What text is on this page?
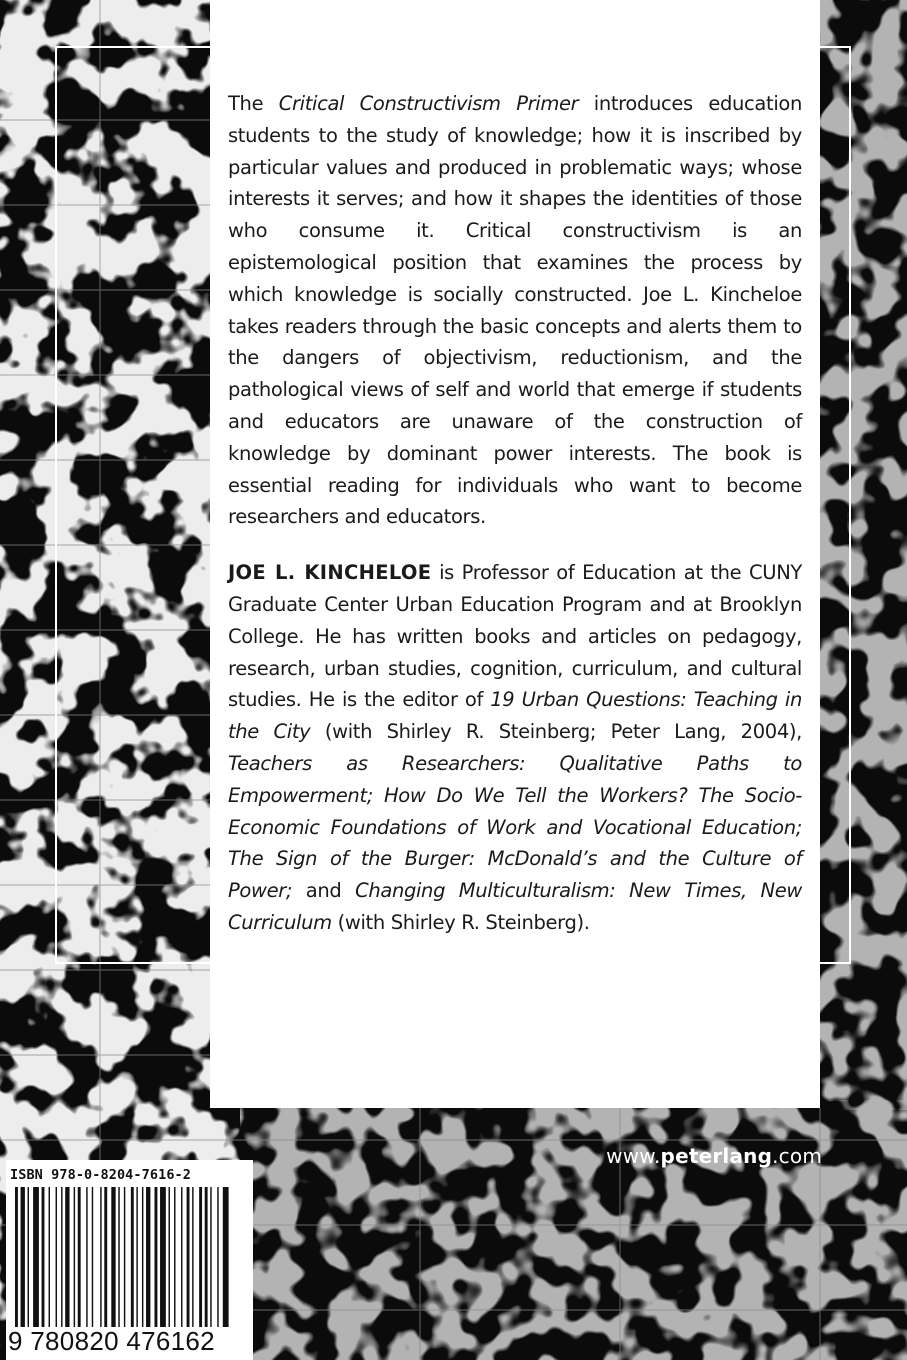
The Critical Constructivism Primer introduces education students to the study of knowledge; how it is inscribed by particular values and produced in problematic ways; whose interests it serves; and how it shapes the identities of those who consume it. Critical constructivism is an epistemological position that examines the process by which knowledge is socially constructed. Joe L. Kincheloe takes readers through the basic concepts and alerts them to the dangers of objectivism, reductionism, and the pathological views of self and world that emerge if students and educators are unaware of the construction of knowledge by dominant power interests. The book is essential reading for individuals who want to become researchers and educators.

JOE L. KINCHELOE is Professor of Education at the CUNY Graduate Center Urban Education Program and at Brooklyn College. He has written books and articles on pedagogy, research, urban studies, cognition, curriculum, and cultural studies. He is the editor of 19 Urban Questions: Teaching in the City (with Shirley R. Steinberg; Peter Lang, 2004), Teachers as Researchers: Qualitative Paths to Empowerment; How Do We Tell the Workers? The Socio-Economic Foundations of Work and Vocational Education; The Sign of the Burger: McDonald’s and the Culture of Power; and Changing Multiculturalism: New Times, New Curriculum (with Shirley R. Steinberg).

www.peterlang.com
ISBN 978-0-8204-7616-2
9 780820 476162
